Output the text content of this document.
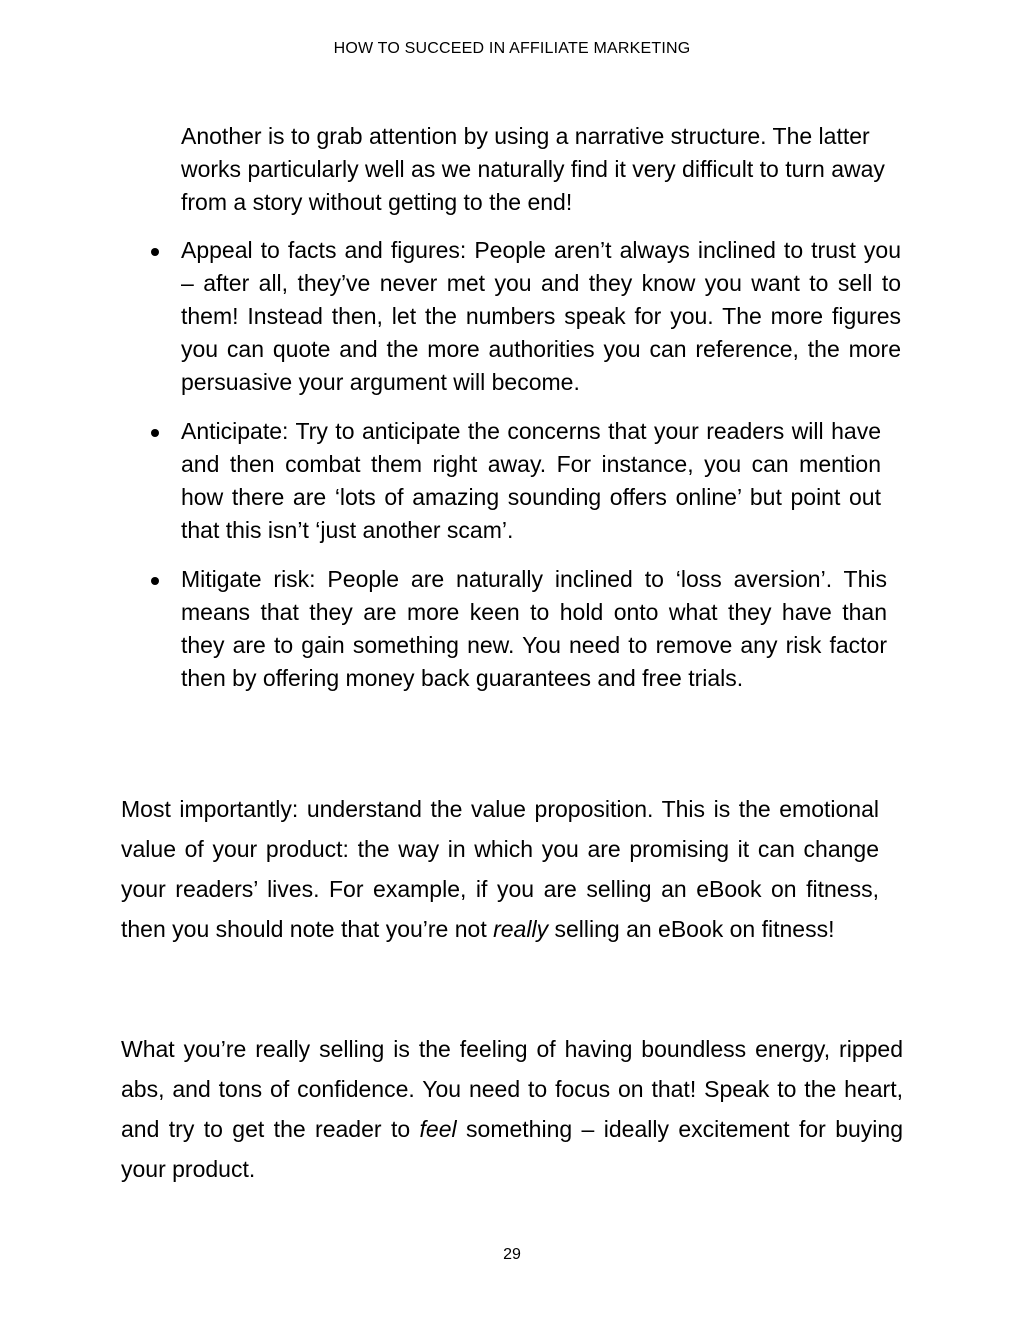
HOW TO SUCCEED IN AFFILIATE MARKETING

Another is to grab attention by using a narrative structure. The latter works particularly well as we naturally find it very difficult to turn away from a story without getting to the end!

Appeal to facts and figures: People aren’t always inclined to trust you – after all, they’ve never met you and they know you want to sell to them! Instead then, let the numbers speak for you. The more figures you can quote and the more authorities you can reference, the more persuasive your argument will become.
Anticipate: Try to anticipate the concerns that your readers will have and then combat them right away. For instance, you can mention how there are ‘lots of amazing sounding offers online’ but point out that this isn’t ‘just another scam’.
Mitigate risk: People are naturally inclined to ‘loss aversion’. This means that they are more keen to hold onto what they have than they are to gain something new. You need to remove any risk factor then by offering money back guarantees and free trials.

Most importantly: understand the value proposition. This is the emotional value of your product: the way in which you are promising it can change your readers’ lives. For example, if you are selling an eBook on fitness, then you should note that you’re not really selling an eBook on fitness!

What you’re really selling is the feeling of having boundless energy, ripped abs, and tons of confidence. You need to focus on that! Speak to the heart, and try to get the reader to feel something – ideally excitement for buying your product.

29
